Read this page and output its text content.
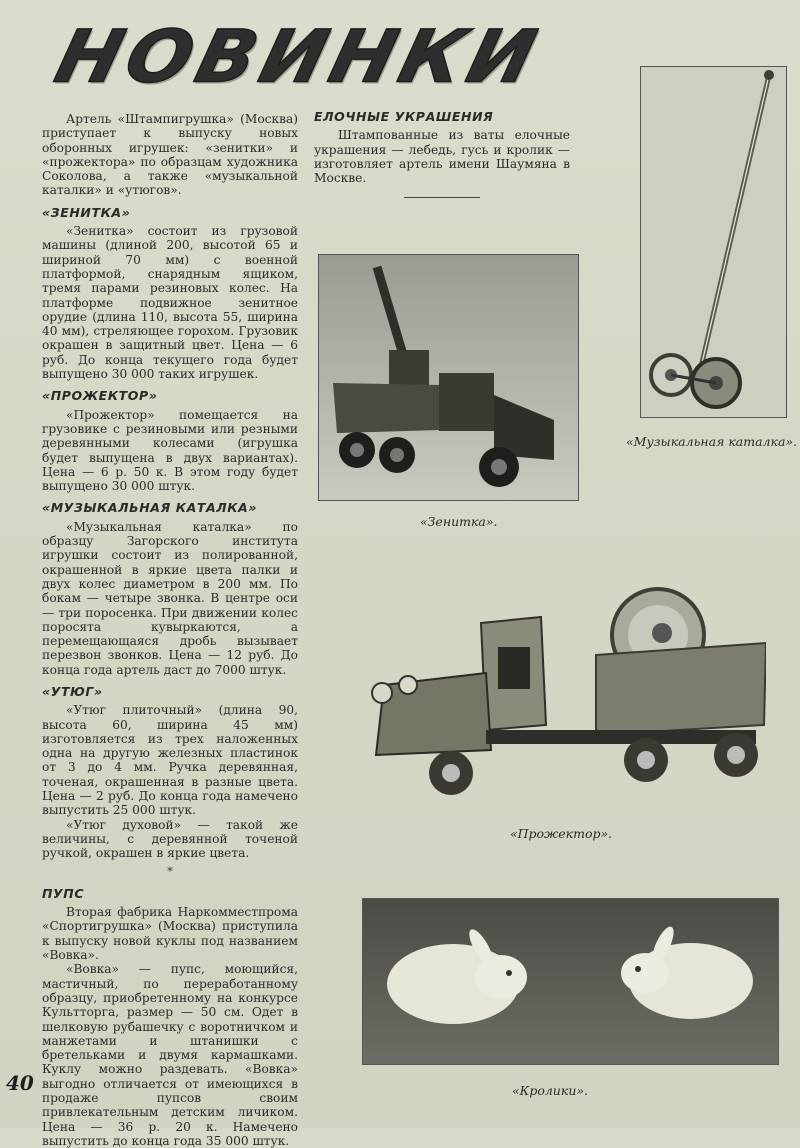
НОВИНКИ

Артель «Штампигрушка» (Москва) приступает к выпуску новых оборонных игрушек: «зенитки» и «прожектора» по образцам художника Соколова, а также «музыкальной каталки» и «утюгов».

«ЗЕНИТКА»

«Зенитка» состоит из грузовой машины (длиной 200, высотой 65 и шириной 70 мм) с военной платформой, снарядным ящиком, тремя парами резиновых колес. На платформе подвижное зенитное орудие (длина 110, высота 55, ширина 40 мм), стреляющее горохом. Грузовик окрашен в защитный цвет. Цена — 6 руб. До конца текущего года будет выпущено 30 000 таких игрушек.

«ПРОЖЕКТОР»

«Прожектор» помещается на грузовике с резиновыми или резными деревянными колесами (игрушка будет выпущена в двух вариантах). Цена — 6 р. 50 к. В этом году будет выпущено 30 000 штук.

«МУЗЫКАЛЬНАЯ КАТАЛКА»

«Музыкальная каталка» по образцу Загорского института игрушки состоит из полированной, окрашенной в яркие цвета палки и двух колес диаметром в 200 мм. По бокам — четыре звонка. В центре оси — три поросенка. При движении колес поросята кувыркаются, а перемещающаяся дробь вызывает перезвон звонков. Цена — 12 руб. До конца года артель даст до 7000 штук.

«УТЮГ»

«Утюг плиточный» (длина 90, высота 60, ширина 45 мм) изготовляется из трех наложенных одна на другую железных пластинок от 3 до 4 мм. Ручка деревянная, точеная, окрашенная в разные цвета. Цена — 2 руб. До конца года намечено выпустить 25 000 штук.

«Утюг духовой» — такой же величины, с деревянной точеной ручкой, окрашен в яркие цвета.

*
ПУПС

Вторая фабрика Наркомместпрома «Спортигрушка» (Москва) приступила к выпуску новой куклы под названием «Вовка».

«Вовка» — пупс, моющийся, мастичный, по переработанному образцу, приобретенному на конкурсе Культторга, размер — 50 см. Одет в шелковую рубашечку с воротничком и манжетами и штанишки с бретельками и двумя кармашками. Куклу можно раздевать. «Вовка» выгодно отличается от имеющихся в продаже пупсов своим привлекательным детским личиком. Цена — 36 р. 20 к. Намечено выпустить до конца года 35 000 штук.

ЕЛОЧНЫЕ УКРАШЕНИЯ

Штампованные из ваты елочные украшения — лебедь, гусь и кролик — изготовляет артель имени Шаумяна в Москве.

«Музыкальная каталка».
«Зенитка».
«Прожектор».
«Кролики».
40
